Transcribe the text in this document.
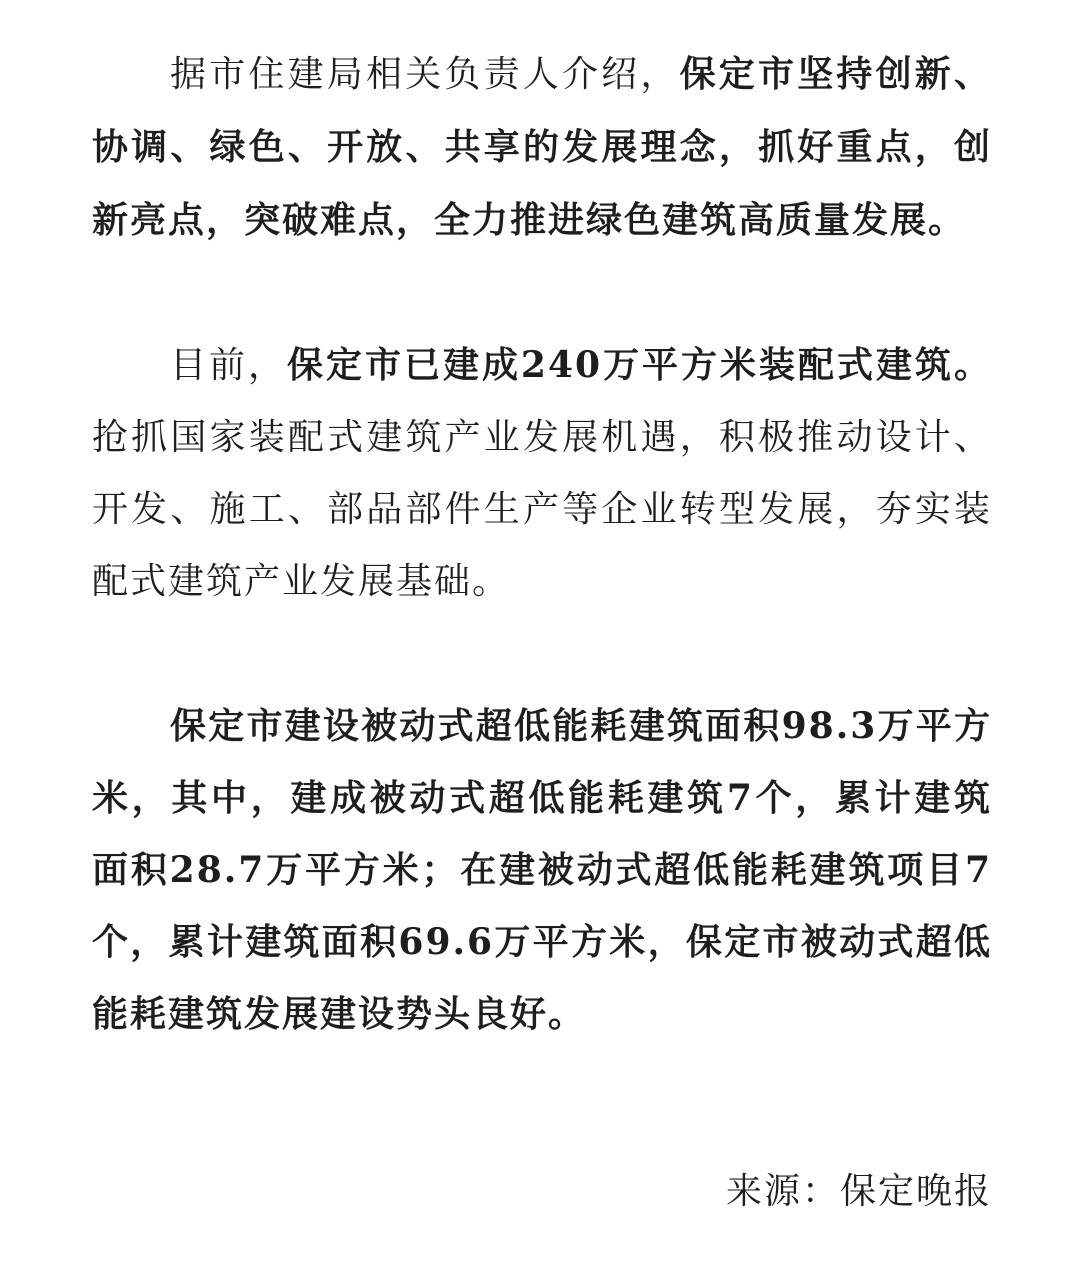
据市住建局相关负责人介绍，保定市坚持创新、协调、绿色、开放、共享的发展理念，抓好重点，创新亮点，突破难点，全力推进绿色建筑高质量发展。

目前，保定市已建成240万平方米装配式建筑。抢抓国家装配式建筑产业发展机遇，积极推动设计、开发、施工、部品部件生产等企业转型发展，夯实装配式建筑产业发展基础。

保定市建设被动式超低能耗建筑面积98.3万平方米，其中，建成被动式超低能耗建筑7个，累计建筑面积28.7万平方米；在建被动式超低能耗建筑项目7个，累计建筑面积69.6万平方米，保定市被动式超低能耗建筑发展建设势头良好。

来源：保定晚报
